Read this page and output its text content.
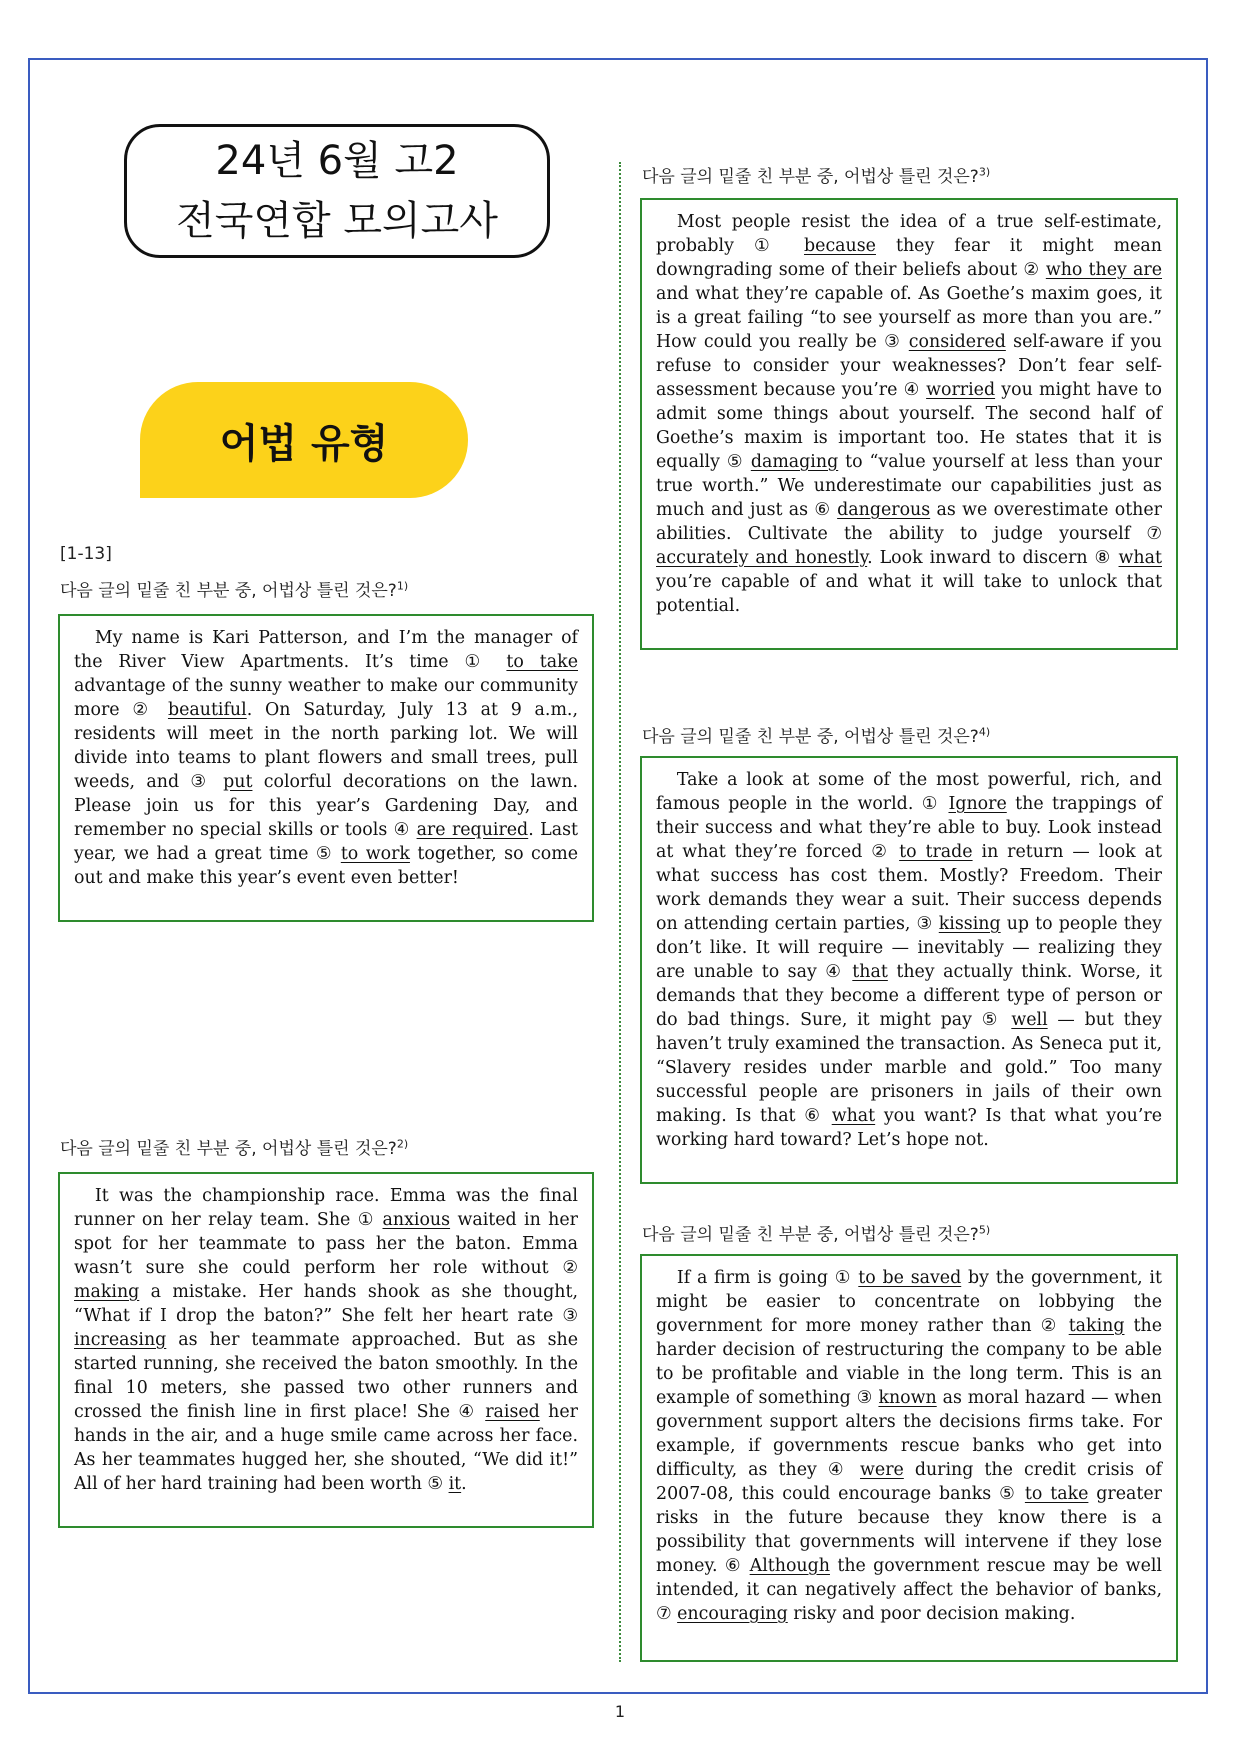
24년 6월 고2
전국연합 모의고사
어법 유형
[1-13]
다음 글의 밑줄 친 부분 중, 어법상 틀린 것은?$^{1)}$
My name is Kari Patterson, and I’m the manager of the River View Apartments. It’s time ① to take advantage of the sunny weather to make our community more ② beautiful. On Saturday, July 13 at 9 a.m., residents will meet in the north parking lot. We will divide into teams to plant flowers and small trees, pull weeds, and ③ put colorful decorations on the lawn. Please join us for this year’s Gardening Day, and remember no special skills or tools ④ are required. Last year, we had a great time ⑤ to work together, so come out and make this year’s event even better!
다음 글의 밑줄 친 부분 중, 어법상 틀린 것은?$^{2)}$
It was the championship race. Emma was the final runner on her relay team. She ① anxious waited in her spot for her teammate to pass her the baton. Emma wasn’t sure she could perform her role without ② making a mistake. Her hands shook as she thought, “What if I drop the baton?” She felt her heart rate ③ increasing as her teammate approached. But as she started running, she received the baton smoothly. In the final 10 meters, she passed two other runners and crossed the finish line in first place! She ④ raised her hands in the air, and a huge smile came across her face. As her teammates hugged her, she shouted, “We did it!” All of her hard training had been worth ⑤ it.
다음 글의 밑줄 친 부분 중, 어법상 틀린 것은?$^{3)}$
Most people resist the idea of a true self-estimate, probably ① because they fear it might mean downgrading some of their beliefs about ② who they are and what they’re capable of. As Goethe’s maxim goes, it is a great failing “to see yourself as more than you are.” How could you really be ③ considered self-aware if you refuse to consider your weaknesses? Don’t fear self-assessment because you’re ④ worried you might have to admit some things about yourself. The second half of Goethe’s maxim is important too. He states that it is equally ⑤ damaging to “value yourself at less than your true worth.” We underestimate our capabilities just as much and just as ⑥ dangerous as we overestimate other abilities. Cultivate the ability to judge yourself ⑦ accurately and honestly. Look inward to discern ⑧ what you’re capable of and what it will take to unlock that potential.
다음 글의 밑줄 친 부분 중, 어법상 틀린 것은?$^{4)}$
Take a look at some of the most powerful, rich, and famous people in the world. ① Ignore the trappings of their success and what they’re able to buy. Look instead at what they’re forced ② to trade in return — look at what success has cost them. Mostly? Freedom. Their work demands they wear a suit. Their success depends on attending certain parties, ③ kissing up to people they don’t like. It will require — inevitably — realizing they are unable to say ④ that they actually think. Worse, it demands that they become a different type of person or do bad things. Sure, it might pay ⑤ well — but they haven’t truly examined the transaction. As Seneca put it, “Slavery resides under marble and gold.” Too many successful people are prisoners in jails of their own making. Is that ⑥ what you want? Is that what you’re working hard toward? Let’s hope not.
다음 글의 밑줄 친 부분 중, 어법상 틀린 것은?$^{5)}$
If a firm is going ① to be saved by the government, it might be easier to concentrate on lobbying the government for more money rather than ② taking the harder decision of restructuring the company to be able to be profitable and viable in the long term. This is an example of something ③ known as moral hazard — when government support alters the decisions firms take. For example, if governments rescue banks who get into difficulty, as they ④ were during the credit crisis of 2007-08, this could encourage banks ⑤ to take greater risks in the future because they know there is a possibility that governments will intervene if they lose money. ⑥ Although the government rescue may be well intended, it can negatively affect the behavior of banks, ⑦ encouraging risky and poor decision making.
1
